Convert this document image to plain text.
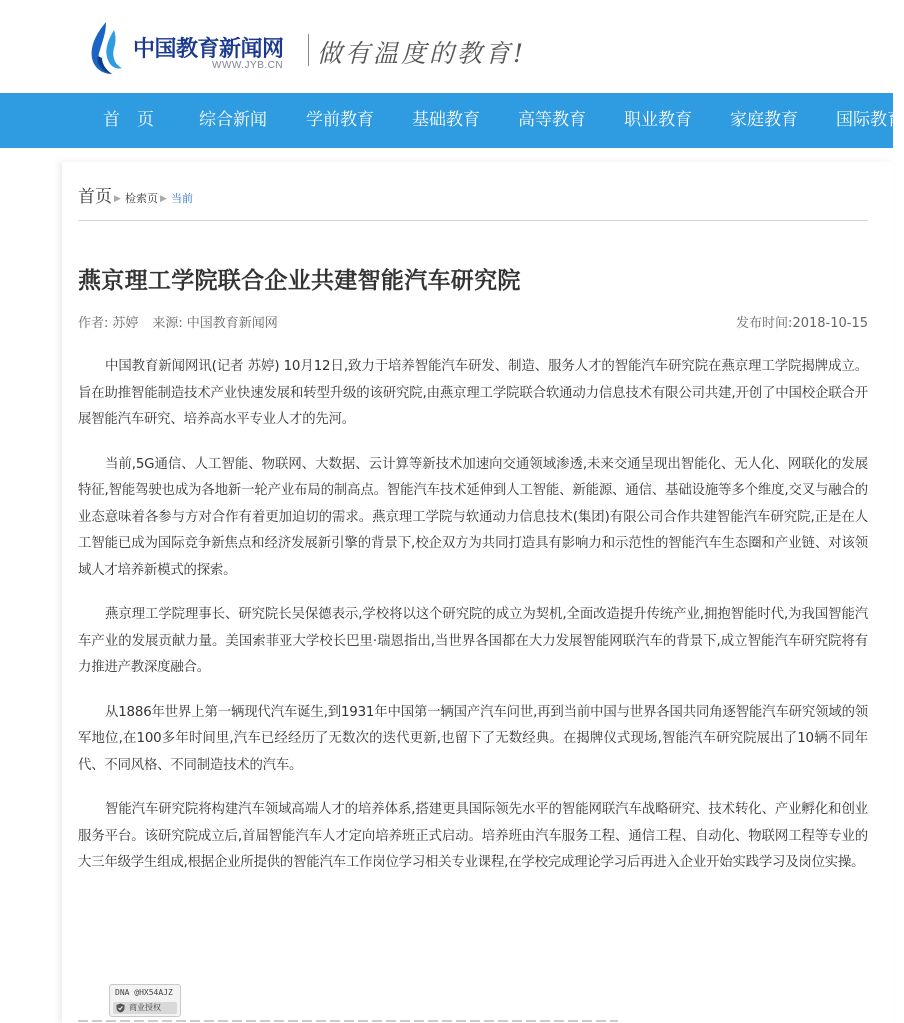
中国教育新闻网
WWW.JYB.CN 做有温度的教育!
首　页	综合新闻 学前教育 基础教育 高等教育 职业教育 家庭教育 国际教育
首页 ▶ 检索页 ▶ 当前
燕京理工学院联合企业共建智能汽车研究院
作者: 苏婷 来源: 中国教育新闻网	发布时间:2018-10-15

中国教育新闻网讯(记者 苏婷) 10月12日,致力于培养智能汽车研发、制造、服务人才的智能汽车研究院在燕京理工学院揭牌成立。旨在助推智能制造技术产业快速发展和转型升级的该研究院,由燕京理工学院联合软通动力信息技术有限公司共建,开创了中国校企联合开展智能汽车研究、培养高水平专业人才的先河。

当前,5G通信、人工智能、物联网、大数据、云计算等新技术加速向交通领域渗透,未来交通呈现出智能化、无人化、网联化的发展特征,智能驾驶也成为各地新一轮产业布局的制高点。智能汽车技术延伸到人工智能、新能源、通信、基础设施等多个维度,交叉与融合的业态意味着各参与方对合作有着更加迫切的需求。燕京理工学院与软通动力信息技术(集团)有限公司合作共建智能汽车研究院,正是在人工智能已成为国际竞争新焦点和经济发展新引擎的背景下,校企双方为共同打造具有影响力和示范性的智能汽车生态圈和产业链、对该领域人才培养新模式的探索。

燕京理工学院理事长、研究院长吴保德表示,学校将以这个研究院的成立为契机,全面改造提升传统产业,拥抱智能时代,为我国智能汽车产业的发展贡献力量。美国索菲亚大学校长巴里·瑞恩指出,当世界各国都在大力发展智能网联汽车的背景下,成立智能汽车研究院将有力推进产教深度融合。

从1886年世界上第一辆现代汽车诞生,到1931年中国第一辆国产汽车问世,再到当前中国与世界各国共同角逐智能汽车研究领域的领军地位,在100多年时间里,汽车已经经历了无数次的迭代更新,也留下了无数经典。在揭牌仪式现场,智能汽车研究院展出了10辆不同年代、不同风格、不同制造技术的汽车。

智能汽车研究院将构建汽车领域高端人才的培养体系,搭建更具国际领先水平的智能网联汽车战略研究、技术转化、产业孵化和创业服务平台。该研究院成立后,首届智能汽车人才定向培养班正式启动。培养班由汽车服务工程、通信工程、自动化、物联网工程等专业的大三年级学生组成,根据企业所提供的智能汽车工作岗位学习相关专业课程,在学校完成理论学习后再进入企业开始实践学习及岗位实操。

DNA @HX54AJZ
商业授权
